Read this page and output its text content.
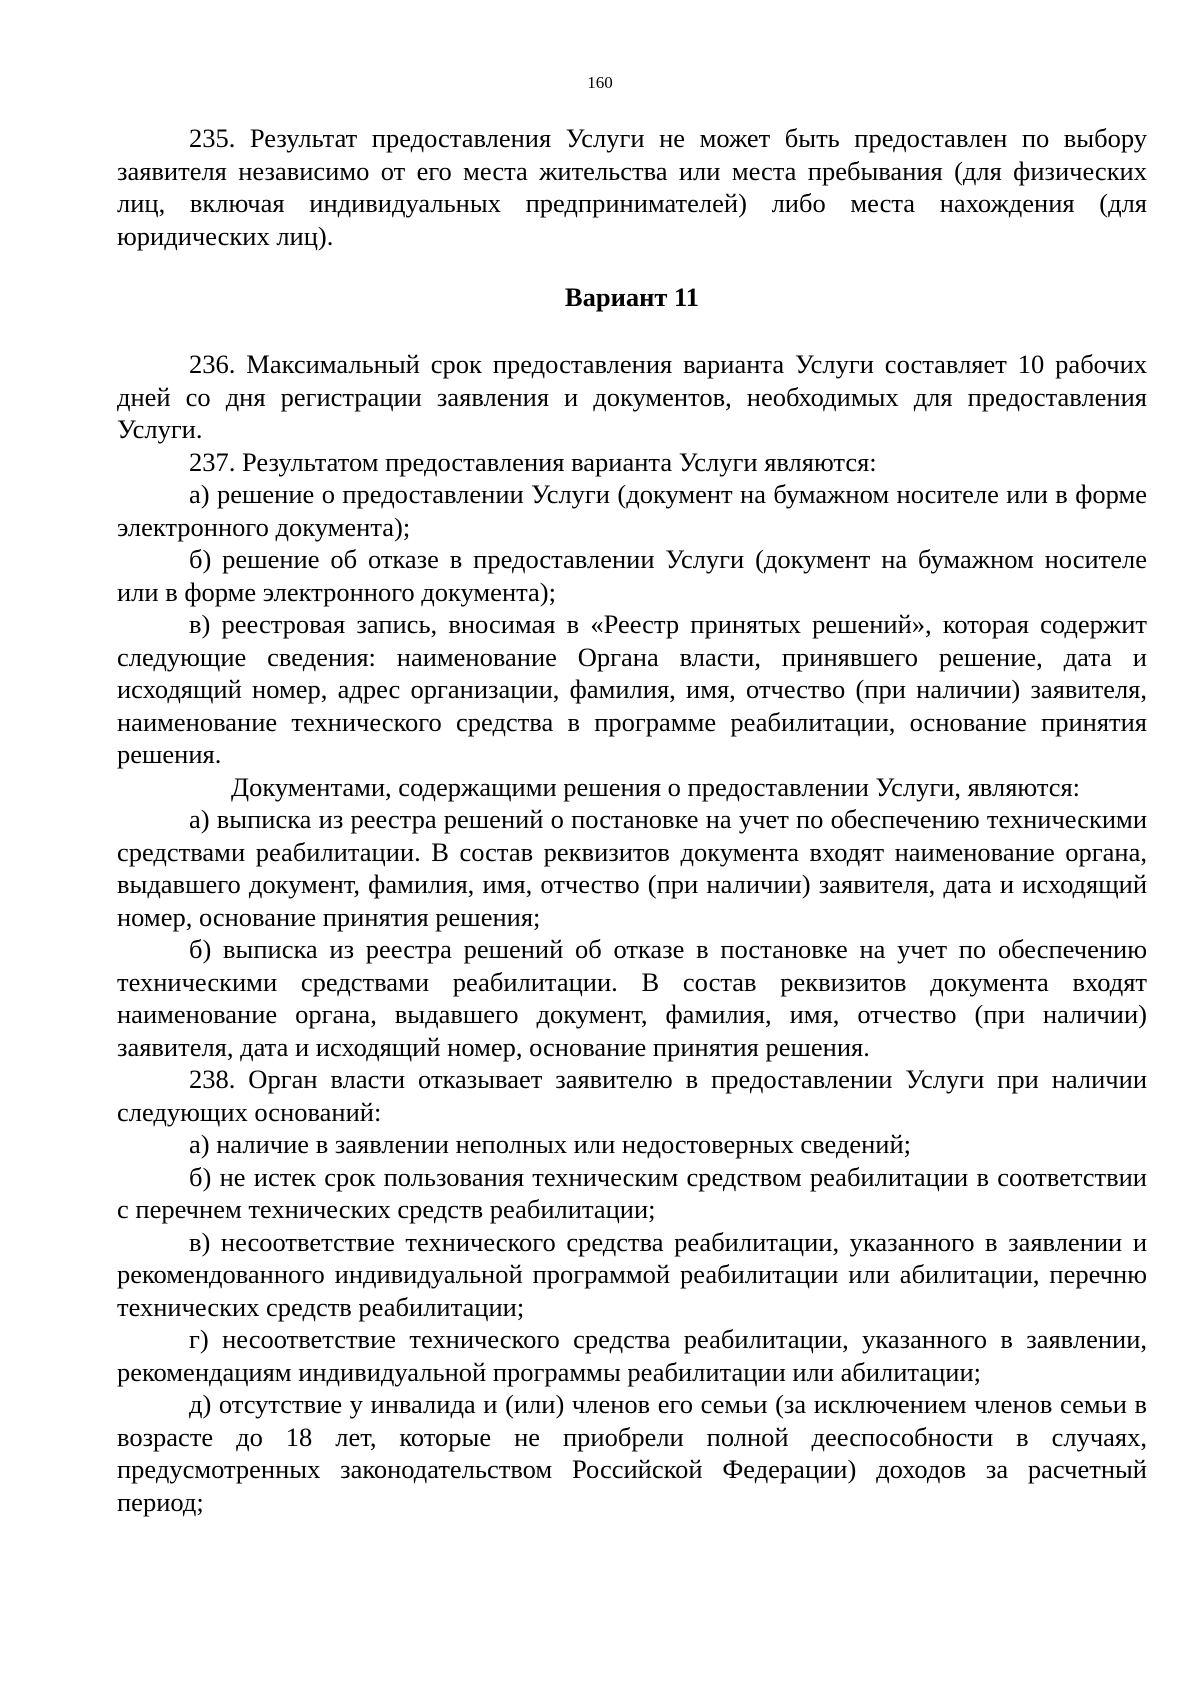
160

235. Результат предоставления Услуги не может быть предоставлен по выбору заявителя независимо от его места жительства или места пребывания (для физических лиц, включая индивидуальных предпринимателей) либо места нахождения (для юридических лиц).

Вариант 11

236. Максимальный срок предоставления варианта Услуги составляет 10 рабочих дней со дня регистрации заявления и документов, необходимых для предоставления Услуги.

237. Результатом предоставления варианта Услуги являются:

а) решение о предоставлении Услуги (документ на бумажном носителе или в форме электронного документа);

б) решение об отказе в предоставлении Услуги (документ на бумажном носителе или в форме электронного документа);

в) реестровая запись, вносимая в «Реестр принятых решений», которая содержит следующие сведения: наименование Органа власти, принявшего решение, дата и исходящий номер, адрес организации, фамилия, имя, отчество (при наличии) заявителя, наименование технического средства в программе реабилитации, основание принятия решения.

Документами, содержащими решения о предоставлении Услуги, являются:

а) выписка из реестра решений о постановке на учет по обеспечению техническими средствами реабилитации. В состав реквизитов документа входят наименование органа, выдавшего документ, фамилия, имя, отчество (при наличии) заявителя, дата и исходящий номер, основание принятия решения;

б) выписка из реестра решений об отказе в постановке на учет по обеспечению техническими средствами реабилитации. В состав реквизитов документа входят наименование органа, выдавшего документ, фамилия, имя, отчество (при наличии) заявителя, дата и исходящий номер, основание принятия решения.

238. Орган власти отказывает заявителю в предоставлении Услуги при наличии следующих оснований:

а) наличие в заявлении неполных или недостоверных сведений;

б) не истек срок пользования техническим средством реабилитации в соответствии с перечнем технических средств реабилитации;

в) несоответствие технического средства реабилитации, указанного в заявлении и рекомендованного индивидуальной программой реабилитации или абилитации, перечню технических средств реабилитации;

г) несоответствие технического средства реабилитации, указанного в заявлении, рекомендациям индивидуальной программы реабилитации или абилитации;

д) отсутствие у инвалида и (или) членов его семьи (за исключением членов семьи в возрасте до 18 лет, которые не приобрели полной дееспособности в случаях, предусмотренных законодательством Российской Федерации) доходов за расчетный период;
